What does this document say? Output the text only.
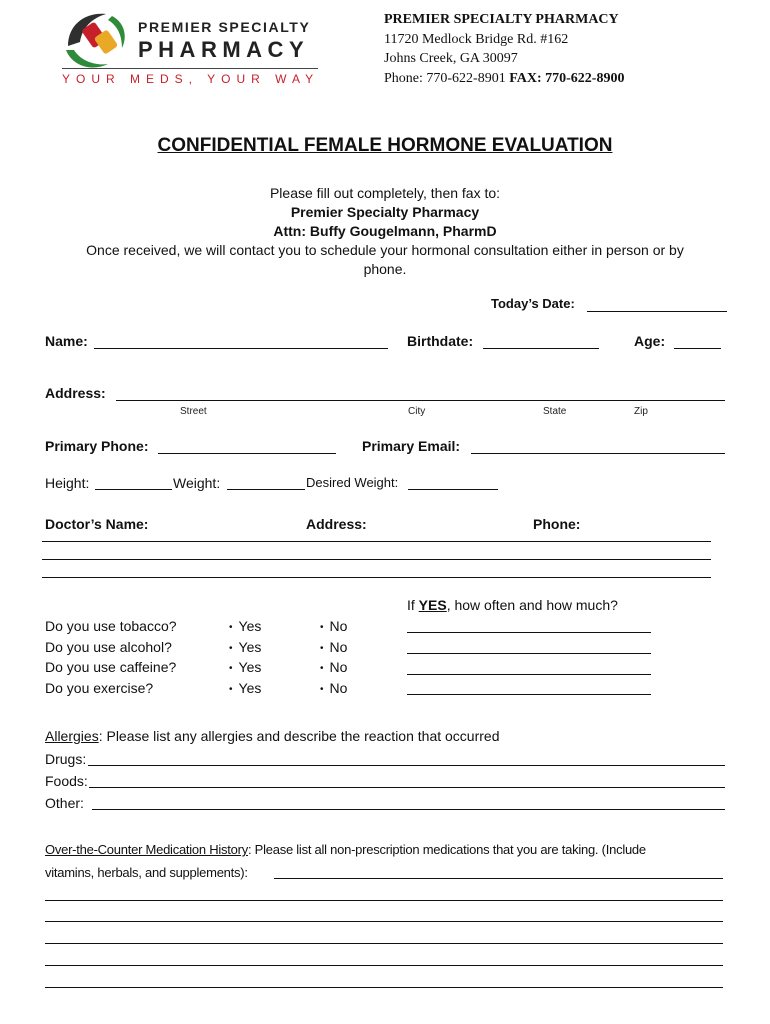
PREMIER SPECIALTY
PHARMACY
YOUR MEDS, YOUR WAY
PREMIER SPECIALTY PHARMACY
11720 Medlock Bridge Rd. #162
Johns Creek, GA 30097
Phone: 770-622-8901 FAX: 770-622-8900
CONFIDENTIAL FEMALE HORMONE EVALUATION
Please fill out completely, then fax to:
Premier Specialty Pharmacy
Attn: Buffy Gougelmann, PharmD
Once received, we will contact you to schedule your hormonal consultation either in person or by
phone.
Today’s Date:
Name:	Birthdate:	Age:
Address:
Street	City	State	Zip
Primary Phone:	Primary Email:
Height:	Weight:	Desired Weight:
Doctor’s Name:	Address:	Phone:
If YES, how often and how much?
Do you use tobacco?	• Yes	• No
Do you use alcohol?	• Yes	• No
Do you use caffeine?	• Yes	• No
Do you exercise?	• Yes	• No
Allergies: Please list any allergies and describe the reaction that occurred
Drugs:
Foods:
Other:
Over-the-Counter Medication History: Please list all non-prescription medications that you are taking. (Include
vitamins, herbals, and supplements):
